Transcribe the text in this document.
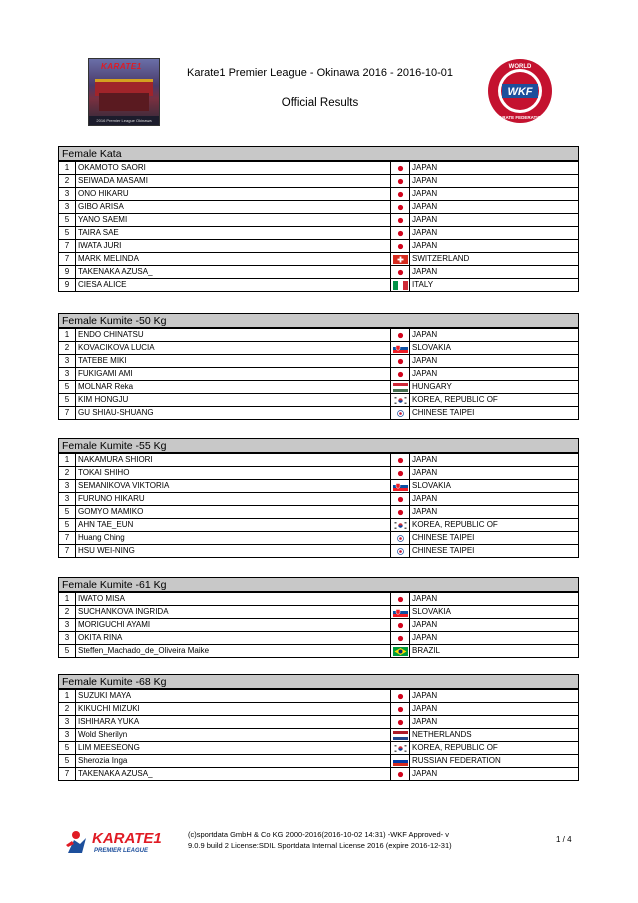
KARATE1
2016 Premier League Okinawa
Karate1 Premier League - Okinawa 2016 - 2016-10-01
Official Results
WKF
WORLD
KARATE FEDERATION
Female Kata
1	OKAMOTO SAORI		JAPAN
2	SEIWADA MASAMI		JAPAN
3	ONO HIKARU		JAPAN
3	GIBO ARISA		JAPAN
5	YANO SAEMI		JAPAN
5	TAIRA SAE		JAPAN
7	IWATA JURI		JAPAN
7	MARK MELINDA		SWITZERLAND
9	TAKENAKA AZUSA_		JAPAN
9	CIESA ALICE		ITALY
Female Kumite -50 Kg
1	ENDO CHINATSU		JAPAN
2	KOVACIKOVA LUCIA		SLOVAKIA
3	TATEBE MIKI		JAPAN
3	FUKIGAMI AMI		JAPAN
5	MOLNAR Reka		HUNGARY
5	KIM HONGJU		KOREA, REPUBLIC OF
7	GU SHIAU-SHUANG		CHINESE TAIPEI
Female Kumite -55 Kg
1	NAKAMURA SHIORI		JAPAN
2	TOKAI SHIHO		JAPAN
3	SEMANIKOVA VIKTORIA		SLOVAKIA
3	FURUNO HIKARU		JAPAN
5	GOMYO MAMIKO		JAPAN
5	AHN TAE_EUN		KOREA, REPUBLIC OF
7	Huang Ching		CHINESE TAIPEI
7	HSU WEI-NING		CHINESE TAIPEI
Female Kumite -61 Kg
1	IWATO MISA		JAPAN
2	SUCHANKOVA INGRIDA		SLOVAKIA
3	MORIGUCHI AYAMI		JAPAN
3	OKITA RINA		JAPAN
5	Steffen_Machado_de_Oliveira Maike		BRAZIL
Female Kumite -68 Kg
1	SUZUKI MAYA		JAPAN
2	KIKUCHI MIZUKI		JAPAN
3	ISHIHARA YUKA		JAPAN
3	Wold Sherilyn		NETHERLANDS
5	LIM MEESEONG		KOREA, REPUBLIC OF
5	Sherozia Inga		RUSSIAN FEDERATION
7	TAKENAKA AZUSA_		JAPAN
KARATE1
PREMIER LEAGUE
(c)sportdata GmbH & Co KG 2000-2016(2016-10-02 14:31) -WKF Approved- v
9.0.9 build 2 License:SDIL Sportdata Internal License 2016 (expire 2016-12-31)
1 / 4
